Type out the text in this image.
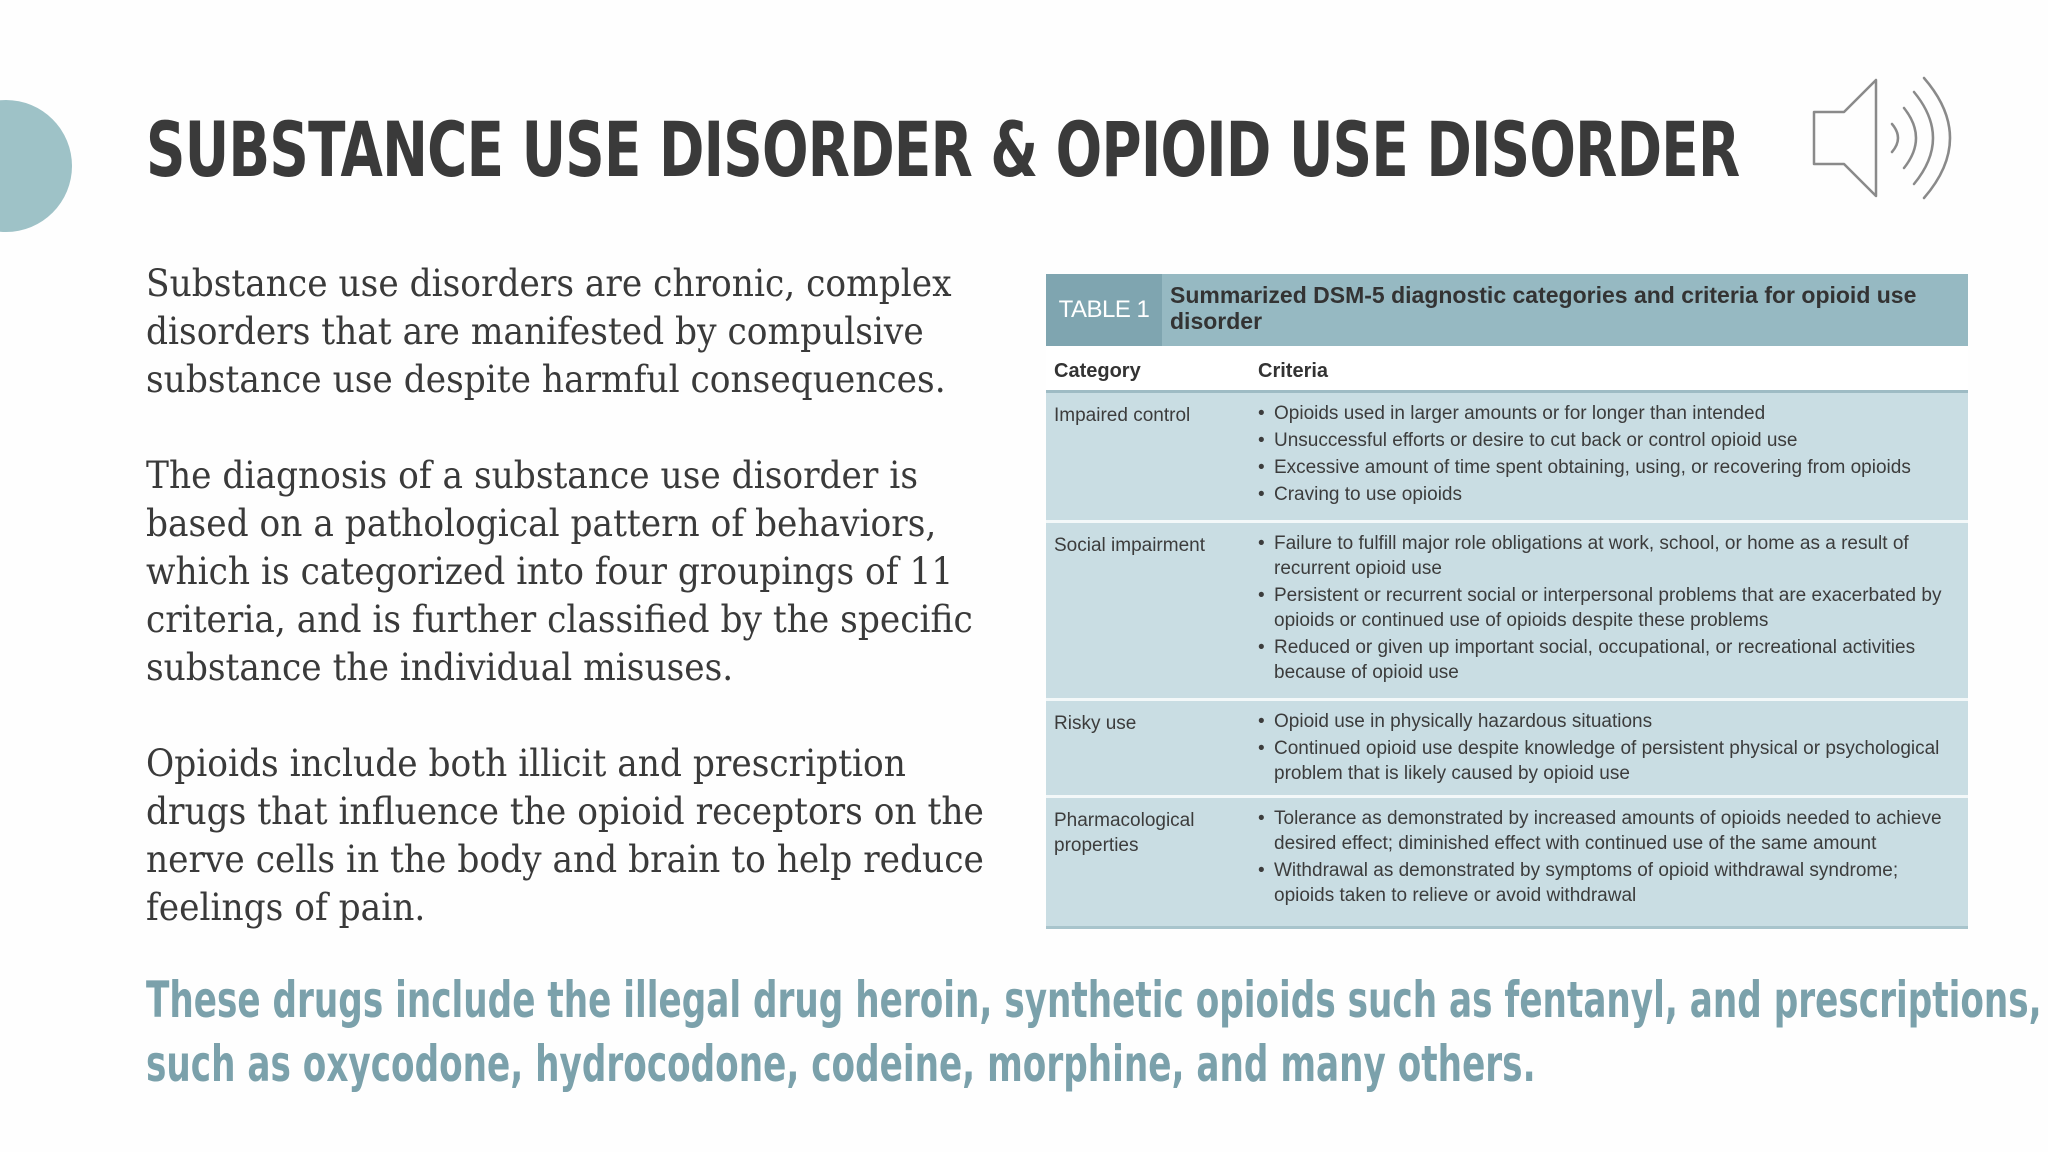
SUBSTANCE USE DISORDER & OPIOID USE DISORDER

Substance use disorders are chronic, complex disorders that are manifested by compulsive substance use despite harmful consequences.

The diagnosis of a substance use disorder is based on a pathological pattern of behaviors, which is categorized into four groupings of 11 criteria, and is further classified by the specific substance the individual misuses.

Opioids include both illicit and prescription drugs that influence the opioid receptors on the nerve cells in the body and brain to help reduce feelings of pain.

TABLE 1
Summarized DSM-5 diagnostic categories and criteria for opioid use disorder
Category	Criteria
Impaired control	• Opioids used in larger amounts or for longer than intended
• Unsuccessful efforts or desire to cut back or control opioid use
• Excessive amount of time spent obtaining, using, or recovering from opioids
• Craving to use opioids
Social impairment	• Failure to fulfill major role obligations at work, school, or home as a result of recurrent opioid use
• Persistent or recurrent social or interpersonal problems that are exacerbated by opioids or continued use of opioids despite these problems
• Reduced or given up important social, occupational, or recreational activities because of opioid use
Risky use	• Opioid use in physically hazardous situations
• Continued opioid use despite knowledge of persistent physical or psychological problem that is likely caused by opioid use
Pharmacological properties
• Tolerance as demonstrated by increased amounts of opioids needed to achieve desired effect; diminished effect with continued use of the same amount
• Withdrawal as demonstrated by symptoms of opioid withdrawal syndrome; opioids taken to relieve or avoid withdrawal
These drugs include the illegal drug heroin, synthetic opioids such as fentanyl, and prescriptions,
such as oxycodone, hydrocodone, codeine, morphine, and many others.
